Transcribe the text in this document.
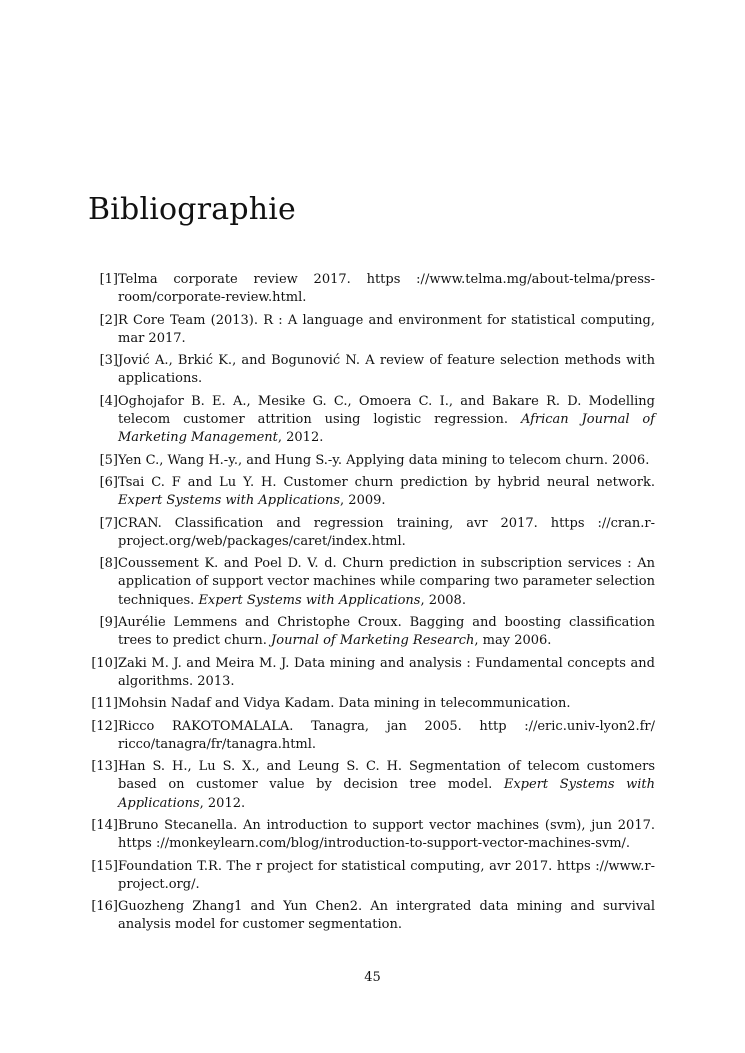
Bibliographie
[1] Telma corporate review 2017. https ://www.telma.mg/about-telma/press-room/corporate-review.html.
[2] R Core Team (2013). R : A language and environment for statistical computing, mar 2017.
[3] Jović A., Brkić K., and Bogunović N. A review of feature selection methods with applications.
[4] Oghojafor B. E. A., Mesike G. C., Omoera C. I., and Bakare R. D. Modelling telecom customer attrition using logistic regression. African Journal of Marketing Management, 2012.
[5] Yen C., Wang H.-y., and Hung S.-y. Applying data mining to telecom churn. 2006.
[6] Tsai C. F and Lu Y. H. Customer churn prediction by hybrid neural network. Expert Systems with Applications, 2009.
[7] CRAN. Classification and regression training, avr 2017. https ://cran.r-project.org/web/packages/caret/index.html.
[8] Coussement K. and Poel D. V. d. Churn prediction in subscription services : An application of support vector machines while comparing two parameter selection techniques. Expert Systems with Applications, 2008.
[9] Aurélie Lemmens and Christophe Croux. Bagging and boosting classification trees to predict churn. Journal of Marketing Research, may 2006.
[10] Zaki M. J. and Meira M. J. Data mining and analysis : Fundamental concepts and algorithms. 2013.
[11] Mohsin Nadaf and Vidya Kadam. Data mining in telecommunication.
[12] Ricco RAKOTOMALALA. Tanagra, jan 2005. http ://eric.univ-lyon2.fr/ ricco/tanagra/fr/tanagra.html.
[13] Han S. H., Lu S. X., and Leung S. C. H. Segmentation of telecom customers based on customer value by decision tree model. Expert Systems with Applications, 2012.
[14] Bruno Stecanella. An introduction to support vector machines (svm), jun 2017. https ://monkeylearn.com/blog/introduction-to-support-vector-machines-svm/.
[15] Foundation T.R. The r project for statistical computing, avr 2017. https ://www.r-project.org/.
[16] Guozheng Zhang1 and Yun Chen2. An intergrated data mining and survival analysis model for customer segmentation.
45
